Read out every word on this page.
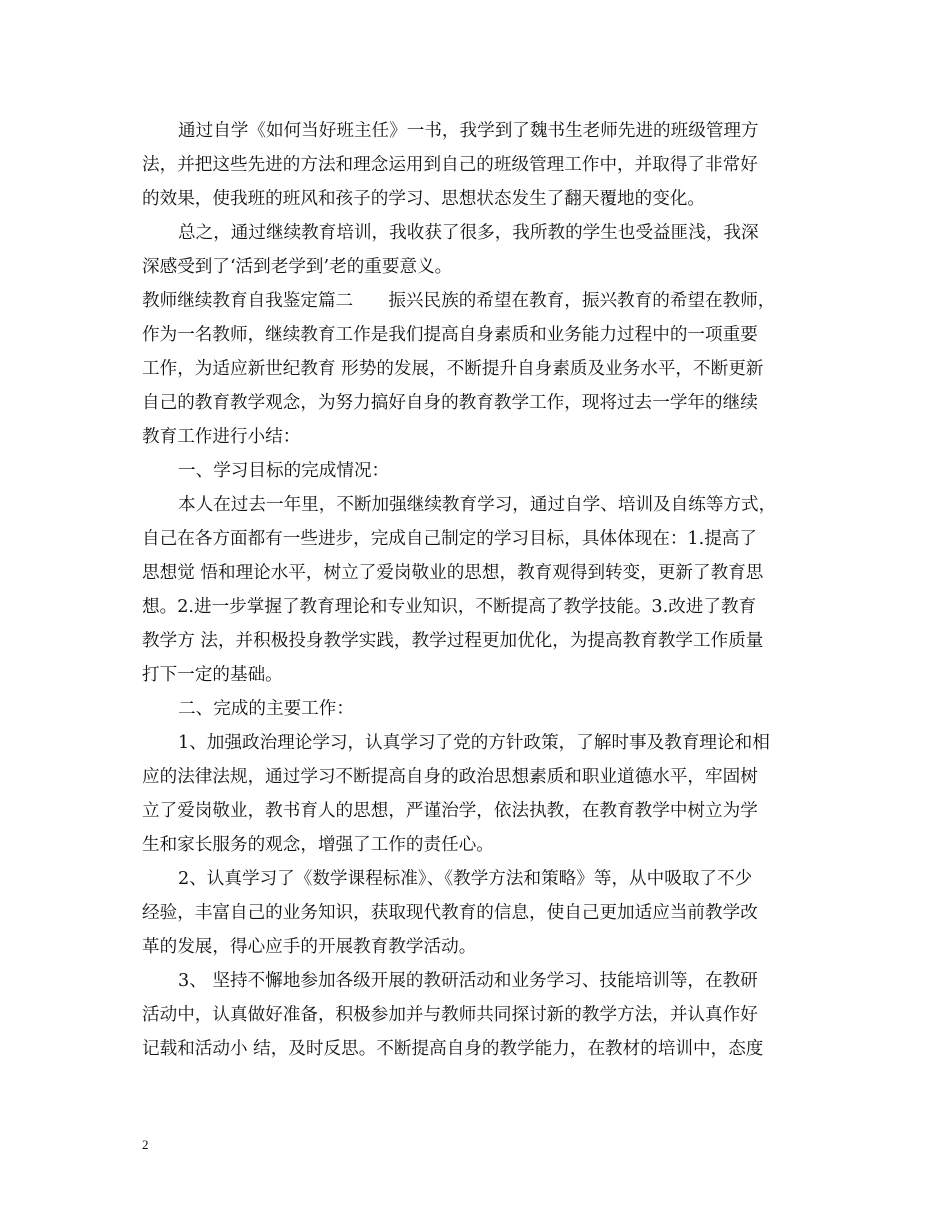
通过自学《如何当好班主任》一书，我学到了魏书生老师先进的班级管理方
法，并把这些先进的方法和理念运用到自己的班级管理工作中，并取得了非常好
的效果，使我班的班风和孩子的学习、思想状态发生了翻天覆地的变化。
总之，通过继续教育培训，我收获了很多，我所教的学生也受益匪浅，我深
深感受到了‘活到老学到’老的重要意义。
教师继续教育自我鉴定篇二　　振兴民族的希望在教育，振兴教育的希望在教师，
作为一名教师，继续教育工作是我们提高自身素质和业务能力过程中的一项重要
工作，为适应新世纪教育 形势的发展，不断提升自身素质及业务水平，不断更新
自己的教育教学观念，为努力搞好自身的教育教学工作，现将过去一学年的继续
教育工作进行小结：
一、学习目标的完成情况：
本人在过去一年里，不断加强继续教育学习，通过自学、培训及自练等方式，
自己在各方面都有一些进步，完成自己制定的学习目标，具体体现在：1.提高了
思想觉 悟和理论水平，树立了爱岗敬业的思想，教育观得到转变，更新了教育思
想。2.进一步掌握了教育理论和专业知识，不断提高了教学技能。3.改进了教育
教学方 法，并积极投身教学实践，教学过程更加优化，为提高教育教学工作质量
打下一定的基础。
二、完成的主要工作：
1、加强政治理论学习，认真学习了党的方针政策，了解时事及教育理论和相
应的法律法规，通过学习不断提高自身的政治思想素质和职业道德水平，牢固树
立了爱岗敬业，教书育人的思想，严谨治学，依法执教，在教育教学中树立为学
生和家长服务的观念，增强了工作的责任心。
2、认真学习了《数学课程标准》、《教学方法和策略》等，从中吸取了不少
经验，丰富自己的业务知识，获取现代教育的信息，使自己更加适应当前教学改
革的发展，得心应手的开展教育教学活动。
3、 坚持不懈地参加各级开展的教研活动和业务学习、技能培训等，在教研
活动中，认真做好准备，积极参加并与教师共同探讨新的教学方法，并认真作好
记载和活动小 结，及时反思。不断提高自身的教学能力，在教材的培训中，态度
2
